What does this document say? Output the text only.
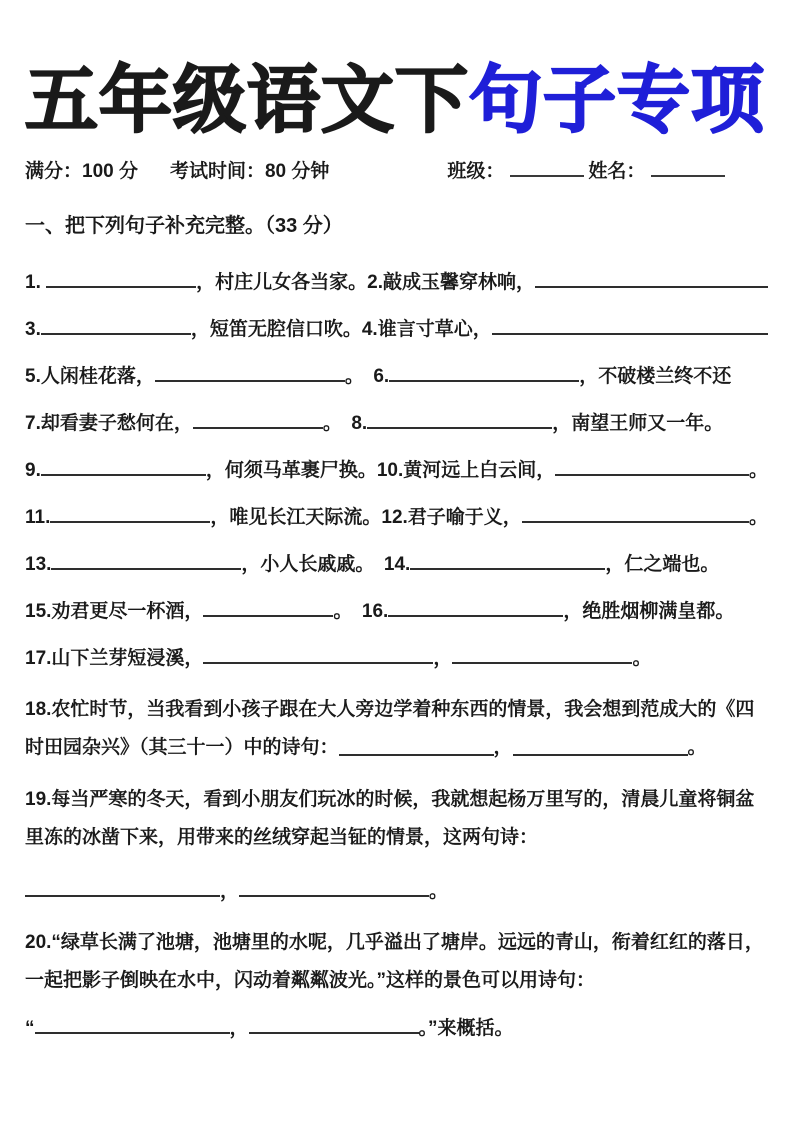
五年级语文下句子专项
满分：100 分 考试时间：80 分钟	班级：	姓名：
一、把下列句子补充完整。（33 分）
1.	，村庄儿女各当家。2.敲成玉馨穿林响，
3.	，短笛无腔信口吹。4.谁言寸草心，
5.人闲桂花落，	。　6.	，不破楼兰终不还
7.却看妻子愁何在，	。　8.	，南望王师又一年。
9.	，何须马革裹尸换。10.黄河远上白云间，	。
11.	，唯见长江天际流。12.君子喻于义，	。
13.	，小人长戚戚。　14.	，仁之端也。
15.劝君更尽一杯酒，	。　16.	，绝胜烟柳满皇都。
17.山下兰芽短浸溪，	，	。
18.农忙时节，当我看到小孩子跟在大人旁边学着种东西的情景，我会想到范成大的《四时田园杂兴》（其三十一）中的诗句：	，	。
19.每当严寒的冬天，看到小朋友们玩冰的时候，我就想起杨万里写的，清晨儿童将铜盆里冻的冰凿下来，用带来的丝绒穿起当钲的情景，这两句诗：
，	。
20.“绿草长满了池塘，池塘里的水呢，几乎溢出了塘岸。远远的青山，衔着红红的落日，一起把影子倒映在水中，闪动着粼粼波光。”这样的景色可以用诗句：
“	，	。”来概括。
